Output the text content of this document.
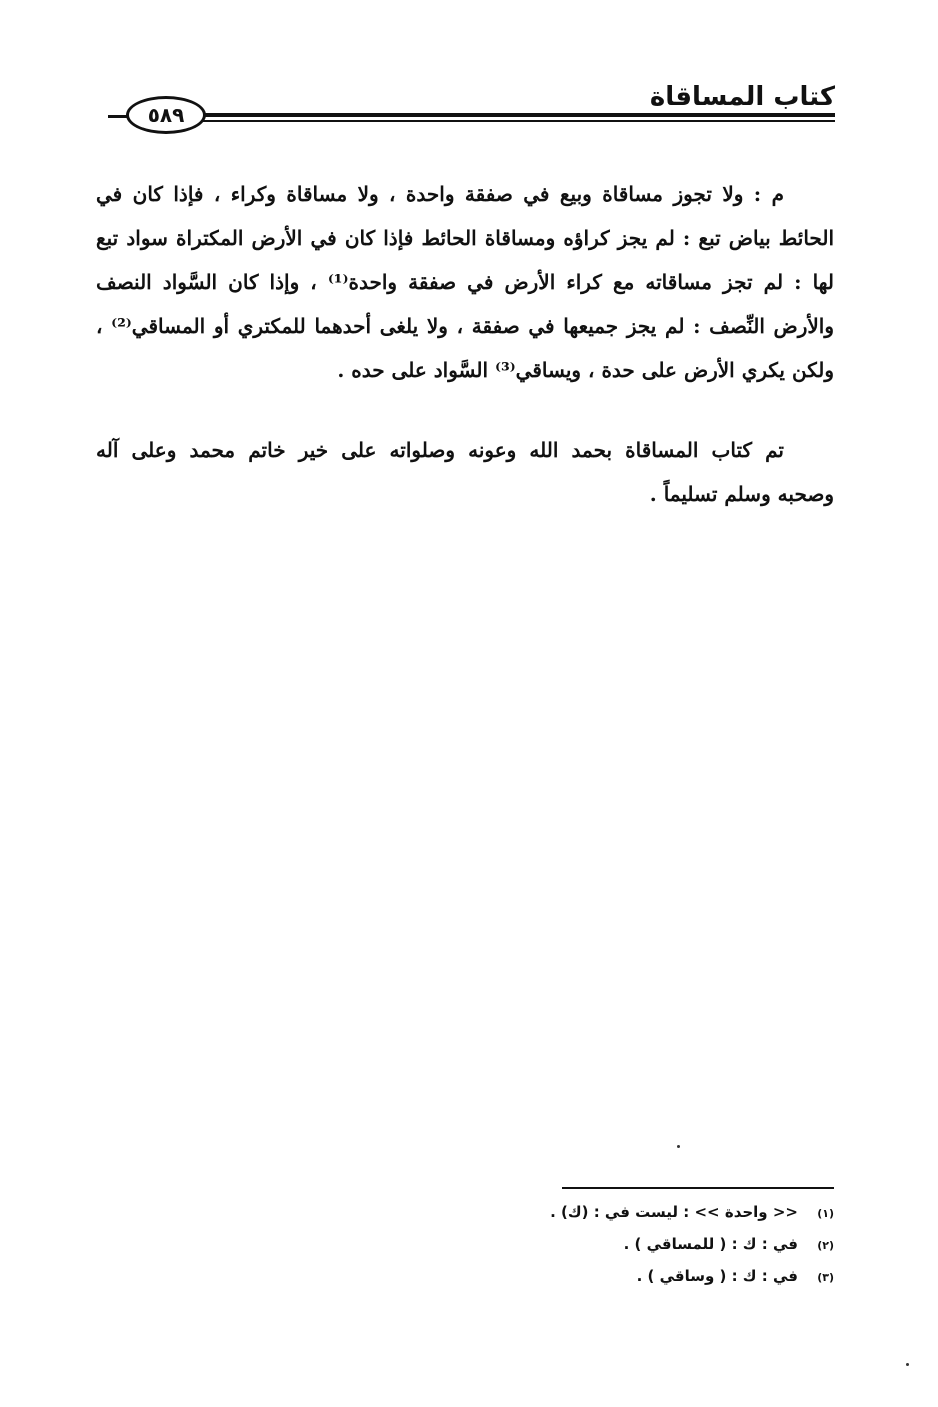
كتاب المساقاة
٥٨٩
م : ولا تجوز مساقاة وبيع في صفقة واحدة ، ولا مساقاة وكراء ، فإذا كان في
الحائط بياض تبع : لم يجز كراؤه ومساقاة الحائط فإذا كان في الأرض المكتراة سواد تبع
لها : لم تجز مساقاته مع كراء الأرض في صفقة واحدة⁽¹⁾ ، وإذا كان السَّواد النصف
والأرض النِّصف : لم يجز جميعها في صفقة ، ولا يلغى أحدهما للمكتري أو المساقي⁽²⁾ ،
ولكن يكري الأرض على حدة ، ويساقي⁽³⁾ السَّواد على حده .
تم كتاب المساقاة بحمد الله وعونه وصلواته على خير خاتم محمد وعلى آله
وصحبه وسلم تسليماً .
(١)
<< واحدة >> : ليست في : (ك) .
(٢)
في : ك : ( للمساقي ) .
(٣)
في : ك : ( وساقي ) .
